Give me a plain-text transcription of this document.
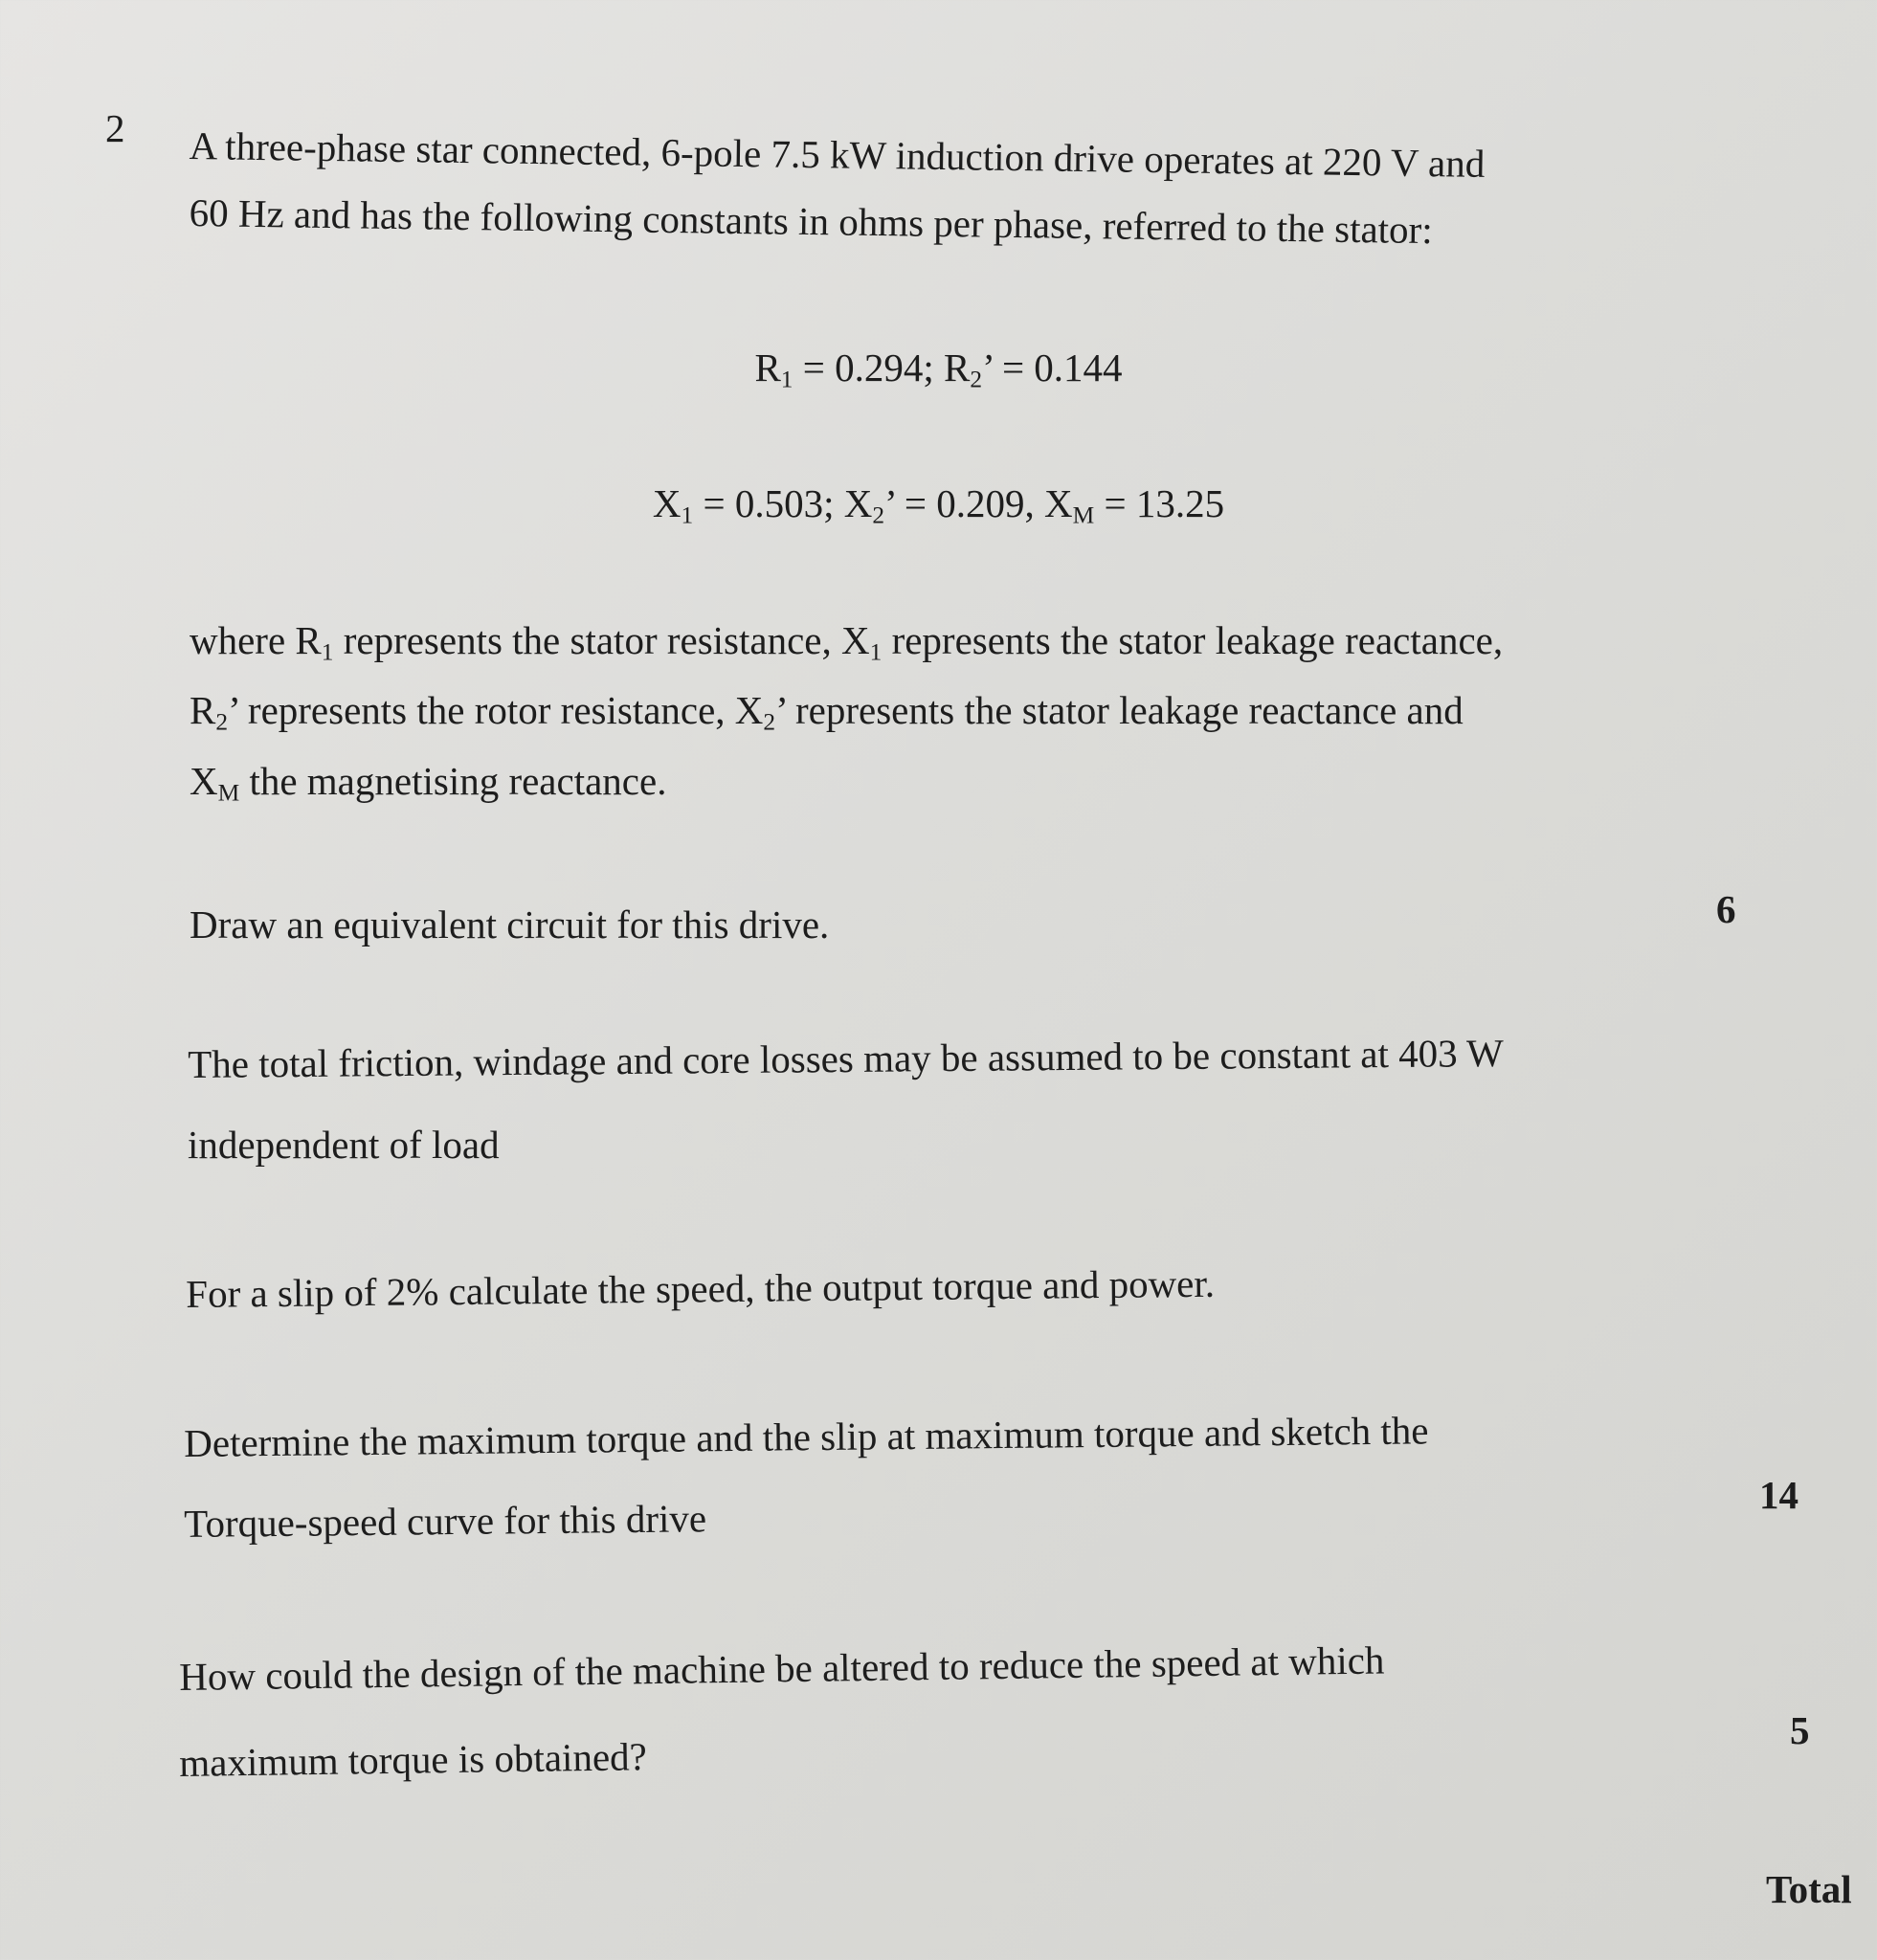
2 A three-phase star connected, 6-pole 7.5 kW induction drive operates at 220 V and
60 Hz and has the following constants in ohms per phase, referred to the stator:
$R_1 = 0.294$; $R_2$’ = 0.144
$X_1 = 0.503$; $X_2$’ = 0.209, $X_M = 13.25$
where $R_1$ represents the stator resistance, $X_1$ represents the stator leakage reactance,
$R_2$’ represents the rotor resistance, $X_2$’ represents the stator leakage reactance and
$X_M$ the magnetising reactance.
Draw an equivalent circuit for this drive.	6
The total friction, windage and core losses may be assumed to be constant at 403 W
independent of load
For a slip of 2% calculate the speed, the output torque and power.
Determine the maximum torque and the slip at maximum torque and sketch the
Torque-speed curve for this drive
14
How could the design of the machine be altered to reduce the speed at which
maximum torque is obtained?
5
Total
